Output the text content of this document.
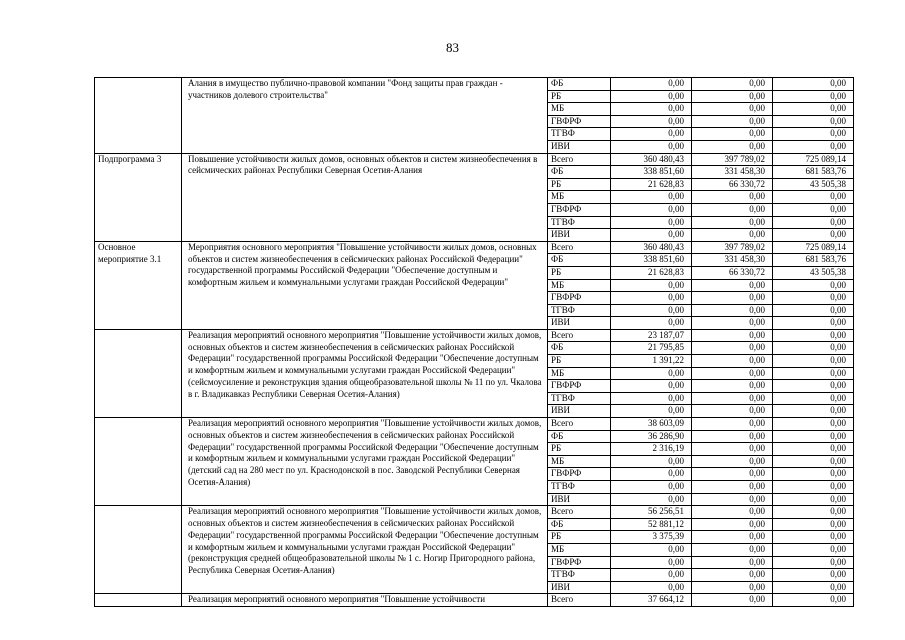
83
	Алания в имущество публично-правовой компании "Фонд защиты прав граждан - участников долевого строительства"	ФБ	0,00	0,00	0,00
		РБ	0,00	0,00	0,00
		МБ	0,00	0,00	0,00
		ГВФРФ	0,00	0,00	0,00
		ТГВФ	0,00	0,00	0,00
		ИВИ	0,00	0,00	0,00
Подпрограмма 3	Повышение устойчивости жилых домов, основных объектов и систем жизнеобеспечения в сейсмических районах Республики Северная Осетия-Алания	Всего	360 480,43	397 789,02	725 089,14
		ФБ	338 851,60	331 458,30	681 583,76
		РБ	21 628,83	66 330,72	43 505,38
		МБ	0,00	0,00	0,00
		ГВФРФ	0,00	0,00	0,00
		ТГВФ	0,00	0,00	0,00
		ИВИ	0,00	0,00	0,00
Основное мероприятие 3.1	Мероприятия основного мероприятия "Повышение устойчивости жилых домов, основных объектов и систем жизнеобеспечения в сейсмических районах Российской Федерации" государственной программы Российской Федерации "Обеспечение доступным и комфортным жильем и коммунальными услугами граждан Российской Федерации"	Всего	360 480,43	397 789,02	725 089,14
		ФБ	338 851,60	331 458,30	681 583,76
		РБ	21 628,83	66 330,72	43 505,38
		МБ	0,00	0,00	0,00
		ГВФРФ	0,00	0,00	0,00
		ТГВФ	0,00	0,00	0,00
		ИВИ	0,00	0,00	0,00
	Реализация мероприятий основного мероприятия "Повышение устойчивости жилых домов, основных объектов и систем жизнеобеспечения в сейсмических районах Российской Федерации" государственной программы Российской Федерации "Обеспечение доступным и комфортным жильем и коммунальными услугами граждан Российской Федерации" (сейсмоусиление и реконструкция здания общеобразовательной школы № 11 по ул. Чкалова в г. Владикавказ Республики Северная Осетия-Алания)	Всего	23 187,07	0,00	0,00
		ФБ	21 795,85	0,00	0,00
		РБ	1 391,22	0,00	0,00
		МБ	0,00	0,00	0,00
		ГВФРФ	0,00	0,00	0,00
		ТГВФ	0,00	0,00	0,00
		ИВИ	0,00	0,00	0,00
	Реализация мероприятий основного мероприятия "Повышение устойчивости жилых домов, основных объектов и систем жизнеобеспечения в сейсмических районах Российской Федерации" государственной программы Российской Федерации "Обеспечение доступным и комфортным жильем и коммунальными услугами граждан Российской Федерации" (детский сад на 280 мест по ул. Краснодонской в пос. Заводской Республики Северная Осетия-Алания)	Всего	38 603,09	0,00	0,00
		ФБ	36 286,90	0,00	0,00
		РБ	2 316,19	0,00	0,00
		МБ	0,00	0,00	0,00
		ГВФРФ	0,00	0,00	0,00
		ТГВФ	0,00	0,00	0,00
		ИВИ	0,00	0,00	0,00
	Реализация мероприятий основного мероприятия "Повышение устойчивости жилых домов, основных объектов и систем жизнеобеспечения в сейсмических районах Российской Федерации" государственной программы Российской Федерации "Обеспечение доступным и комфортным жильем и коммунальными услугами граждан Российской Федерации" (реконструкция средней общеобразовательной школы № 1 с. Ногир Пригородного района, Республика Северная Осетия-Алания)	Всего	56 256,51	0,00	0,00
		ФБ	52 881,12	0,00	0,00
		РБ	3 375,39	0,00	0,00
		МБ	0,00	0,00	0,00
		ГВФРФ	0,00	0,00	0,00
		ТГВФ	0,00	0,00	0,00
		ИВИ	0,00	0,00	0,00
	Реализация мероприятий основного мероприятия "Повышение устойчивости	Всего	37 664,12	0,00	0,00
